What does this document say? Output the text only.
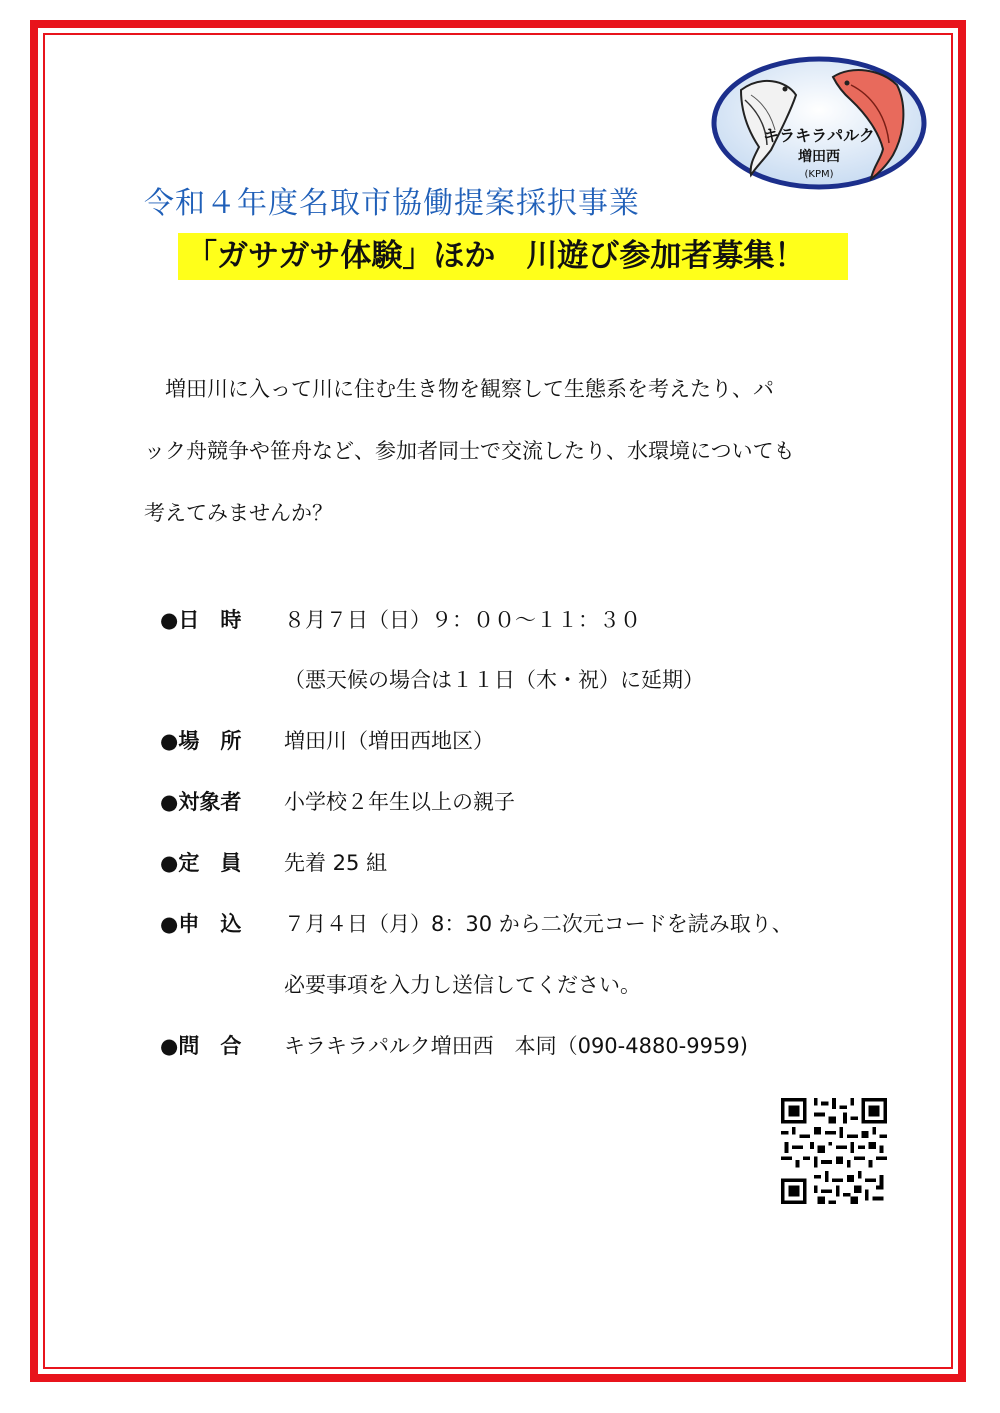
キラキラパルク
増田西
(KPM)
令和４年度名取市協働提案採択事業
「ガサガサ体験」ほか　川遊び参加者募集！

　増田川に入って川に住む生き物を観察して生態系を考えたり、パ

ック舟競争や笹舟など、参加者同士で交流したり、水環境についても

考えてみませんか？

●日　時	８月７日（日）９：００～１１：３０
（悪天候の場合は１１日（木・祝）に延期）
●場　所	増田川（増田西地区）
●対象者	小学校２年生以上の親子
●定　員	先着 25 組
●申　込	７月４日（月）8：30 から二次元コードを読み取り、
必要事項を入力し送信してください。
●問　合	キラキラパルク増田西　本同（090-4880-9959)
